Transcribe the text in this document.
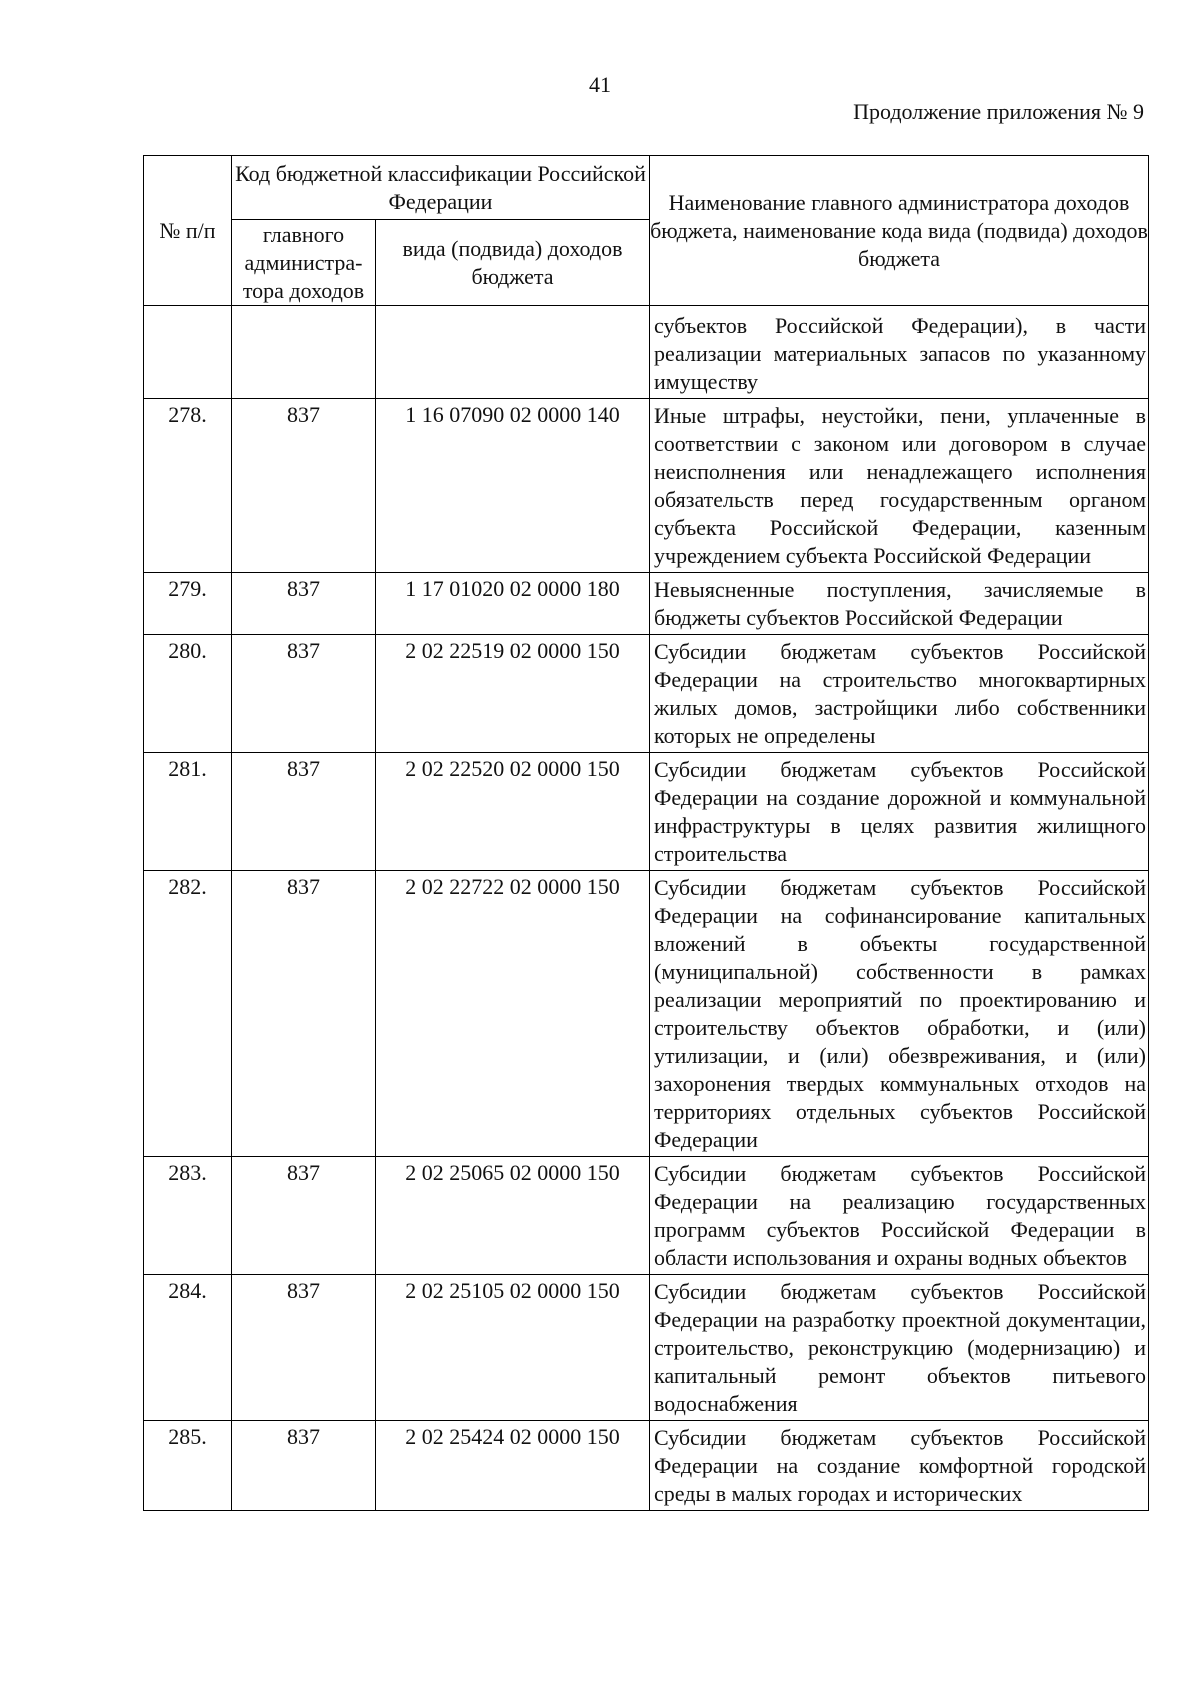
41
Продолжение приложения № 9
№ п/п	Код бюджетной классификации Российской Федерации		Наименование главного администратора доходов бюджета, наименование кода вида (подвида) доходов бюджета
	главного администра-тора доходов	вида (подвида) доходов бюджета	
			субъектов Российской Федерации), в части реализации материальных запасов по указанному имуществу
278.	837	1 16 07090 02 0000 140	Иные штрафы, неустойки, пени, уплаченные в соответствии с законом или договором в случае неисполнения или ненадлежащего исполнения обязательств перед государственным органом субъекта Российской Федерации, казенным учреждением субъекта Российской Федерации
279.	837	1 17 01020 02 0000 180	Невыясненные поступления, зачисляемые в бюджеты субъектов Российской Федерации
280.	837	2 02 22519 02 0000 150	Субсидии бюджетам субъектов Российской Федерации на строительство многоквартирных жилых домов, застройщики либо собственники которых не определены
281.	837	2 02 22520 02 0000 150	Субсидии бюджетам субъектов Российской Федерации на создание дорожной и коммунальной инфраструктуры в целях развития жилищного строительства
282.	837	2 02 22722 02 0000 150	Субсидии бюджетам субъектов Российской Федерации на софинансирование капитальных вложений в объекты государственной (муниципальной) собственности в рамках реализации мероприятий по проектированию и строительству объектов обработки, и (или) утилизации, и (или) обезвреживания, и (или) захоронения твердых коммунальных отходов на территориях отдельных субъектов Российской Федерации
283.	837	2 02 25065 02 0000 150	Субсидии бюджетам субъектов Российской Федерации на реализацию государственных программ субъектов Российской Федерации в области использования и охраны водных объектов
284.	837	2 02 25105 02 0000 150	Субсидии бюджетам субъектов Российской Федерации на разработку проектной документации, строительство, реконструкцию (модернизацию) и капитальный ремонт объектов питьевого водоснабжения
285.	837	2 02 25424 02 0000 150	Субсидии бюджетам субъектов Российской Федерации на создание комфортной городской среды в малых городах и исторических
